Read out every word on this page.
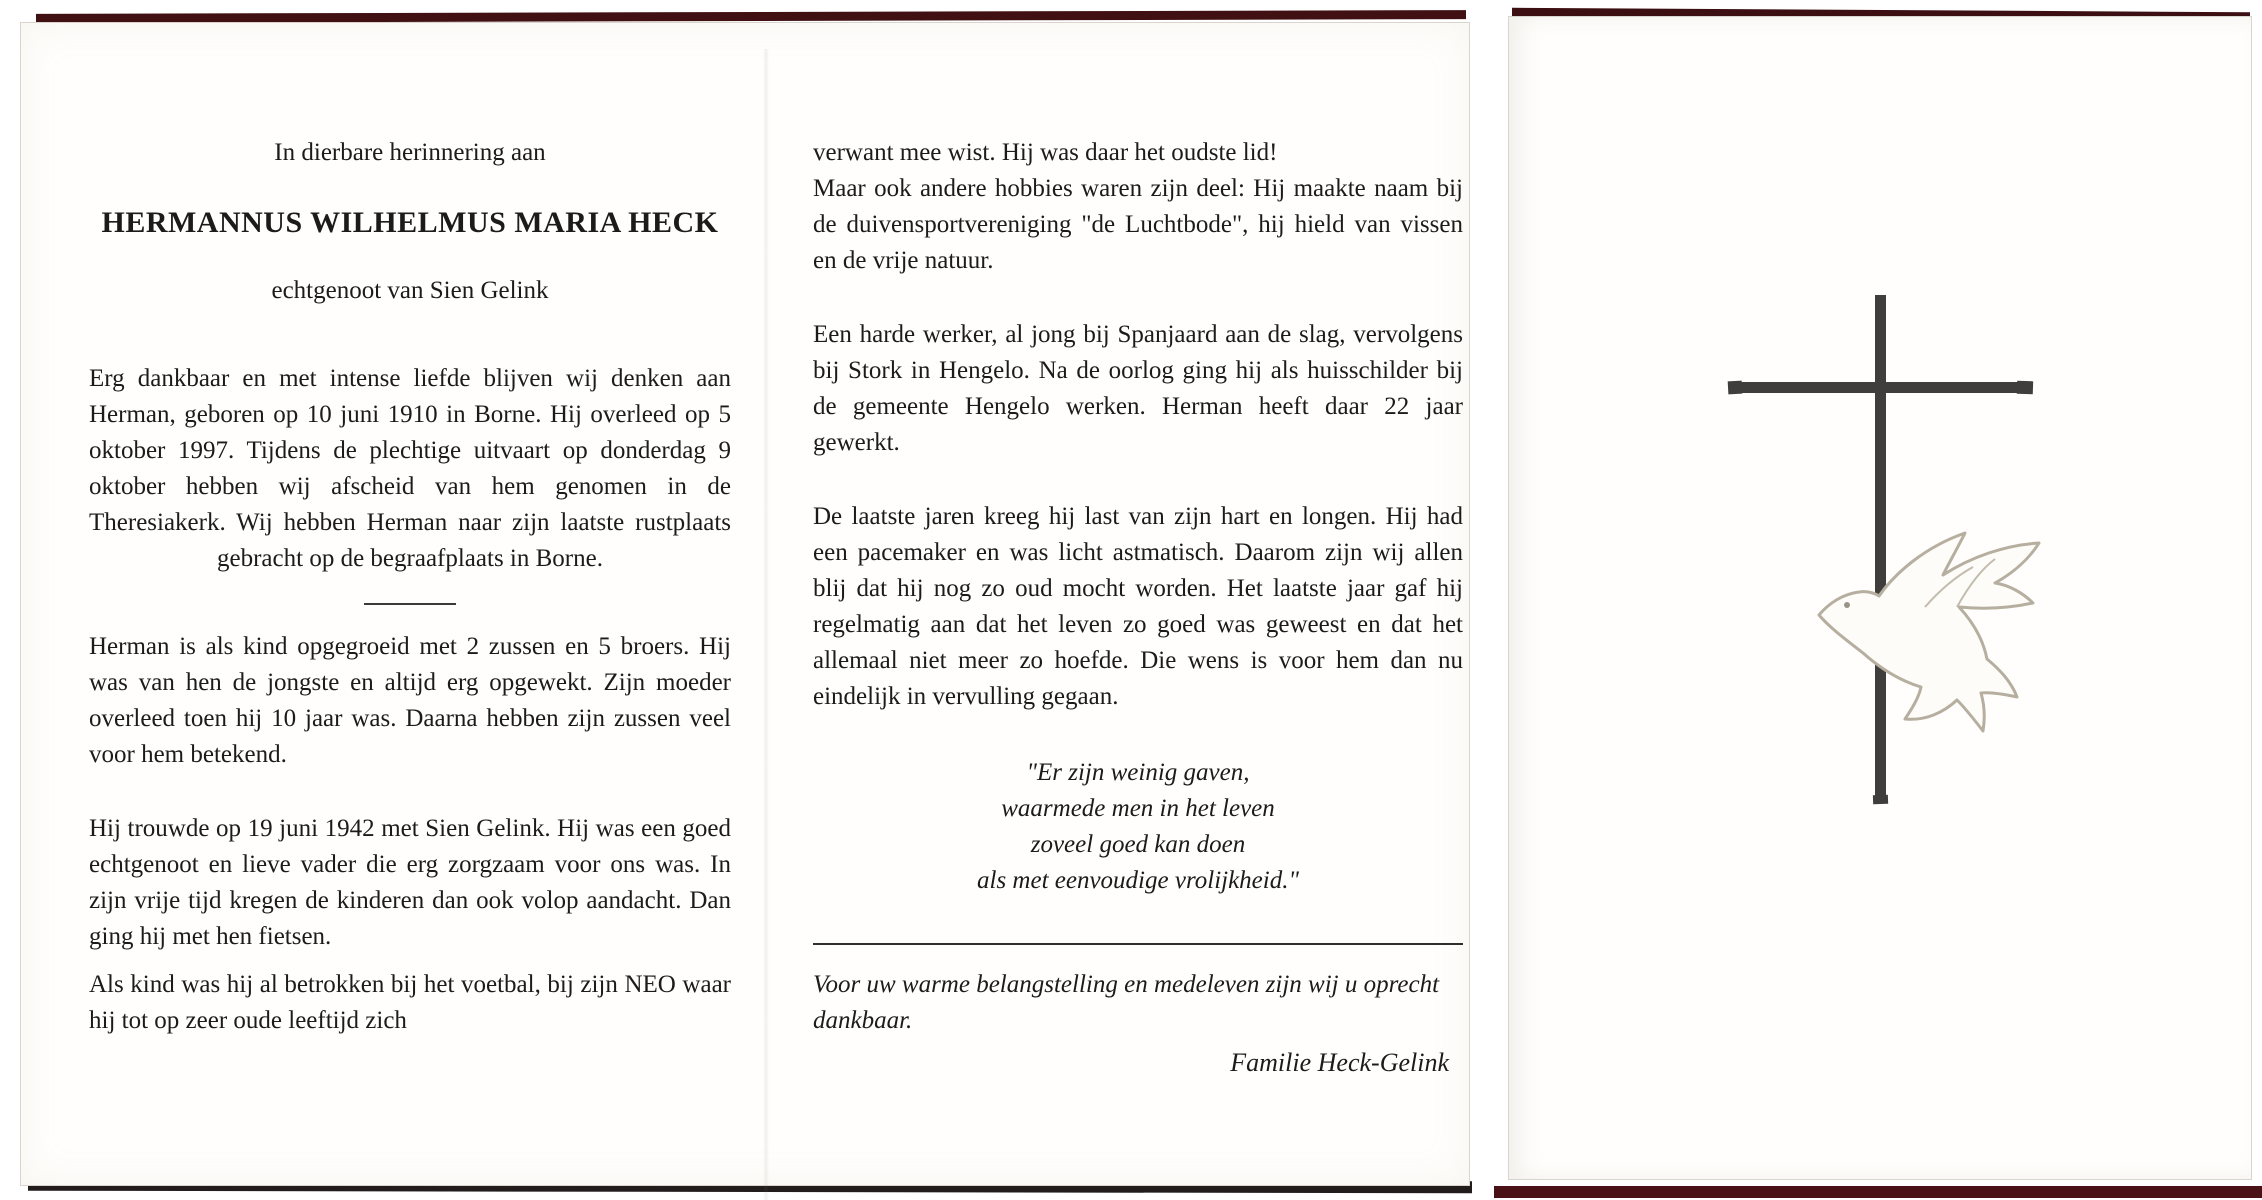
In dierbare herinnering aan

HERMANNUS WILHELMUS MARIA HECK

echtgenoot van Sien Gelink

Erg dankbaar en met intense liefde blijven wij denken aan Herman, geboren op 10 juni 1910 in Borne. Hij overleed op 5 oktober 1997. Tijdens de plechtige uitvaart op donderdag 9 oktober hebben wij afscheid van hem genomen in de Theresiakerk. Wij hebben Herman naar zijn laatste rustplaats gebracht op de begraafplaats in Borne.

Herman is als kind opgegroeid met 2 zussen en 5 broers. Hij was van hen de jongste en altijd erg opgewekt. Zijn moeder overleed toen hij 10 jaar was. Daarna hebben zijn zussen veel voor hem betekend.

Hij trouwde op 19 juni 1942 met Sien Gelink. Hij was een goed echtgenoot en lieve vader die erg zorgzaam voor ons was. In zijn vrije tijd kregen de kinderen dan ook volop aandacht. Dan ging hij met hen fietsen.

Als kind was hij al betrokken bij het voetbal, bij zijn NEO waar hij tot op zeer oude leeftijd zich

verwant mee wist. Hij was daar het oudste lid!

Maar ook andere hobbies waren zijn deel: Hij maakte naam bij de duivensportvereniging "de Luchtbode", hij hield van vissen en de vrije natuur.

Een harde werker, al jong bij Spanjaard aan de slag, vervolgens bij Stork in Hengelo. Na de oorlog ging hij als huisschilder bij de gemeente Hengelo werken. Herman heeft daar 22 jaar gewerkt.

De laatste jaren kreeg hij last van zijn hart en longen. Hij had een pacemaker en was licht astmatisch. Daarom zijn wij allen blij dat hij nog zo oud mocht worden. Het laatste jaar gaf hij regelmatig aan dat het leven zo goed was geweest en dat het allemaal niet meer zo hoefde. Die wens is voor hem dan nu eindelijk in vervulling gegaan.

"Er zijn weinig gaven,
waarmede men in het leven
zoveel goed kan doen
als met eenvoudige vrolijkheid."

Voor uw warme belangstelling en medeleven zijn wij u oprecht dankbaar.

Familie Heck-Gelink
